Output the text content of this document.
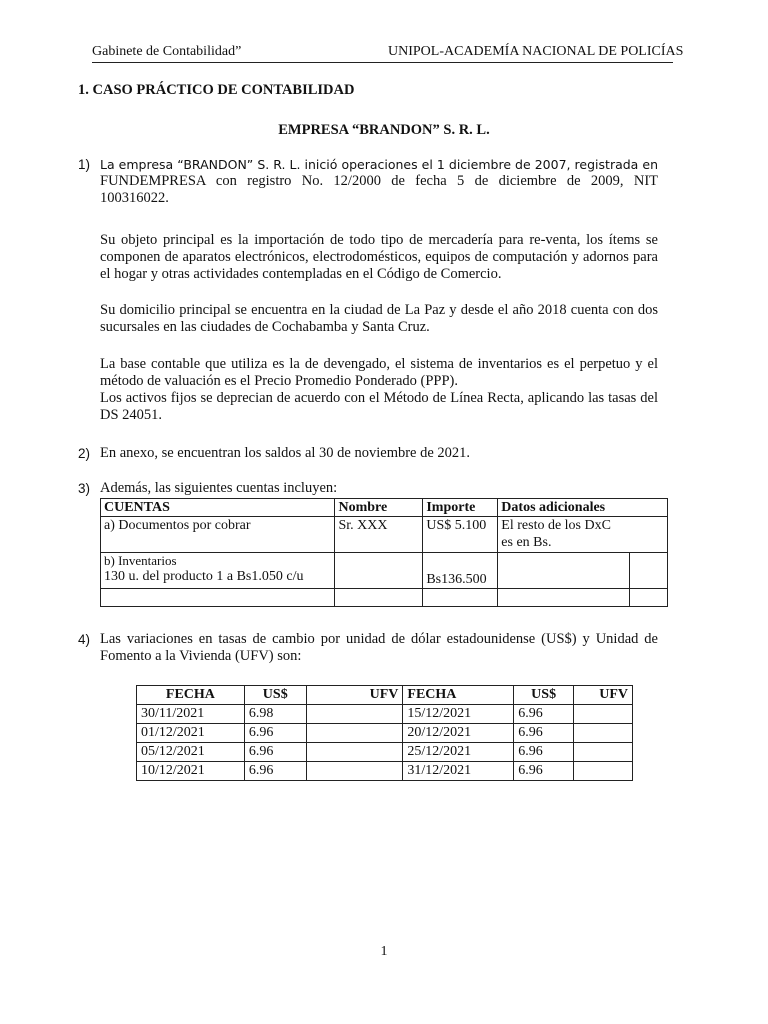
Gabinete de Contabilidad”	UNIPOL-ACADEMÍA NACIONAL DE POLICÍAS
1. CASO PRÁCTICO DE CONTABILIDAD
EMPRESA “BRANDON” S. R. L.
1) La empresa “BRANDON” S. R. L. inició operaciones el 1 diciembre de 2007, registrada en
FUNDEMPRESA con registro No. 12/2000 de fecha 5 de diciembre de 2009, NIT
100316022.
Su objeto principal es la importación de todo tipo de mercadería para re-venta, los ítems se componen de aparatos electrónicos, electrodomésticos, equipos de computación y adornos para el hogar y otras actividades contempladas en el Código de Comercio.
Su domicilio principal se encuentra en la ciudad de La Paz y desde el año 2018 cuenta con dos sucursales en las ciudades de Cochabamba y Santa Cruz.
La base contable que utiliza es la de devengado, el sistema de inventarios es el perpetuo y el método de valuación es el Precio Promedio Ponderado (PPP).
Los activos fijos se deprecian de acuerdo con el Método de Línea Recta, aplicando las tasas del DS 24051.
2) En anexo, se encuentran los saldos al 30 de noviembre de 2021.
3) Además, las siguientes cuentas incluyen:
CUENTAS	Nombre	Importe	Datos adicionales	
a) Documentos por cobrar	Sr. XXX	US$ 5.100	El resto de los DxC
es en Bs.	

b) Inventarios
130 u. del producto 1 a Bs1.050 c/u		Bs136.500		

4) Las variaciones en tasas de cambio por unidad de dólar estadounidense (US$) y Unidad de Fomento a la Vivienda (UFV) son:
FECHA	US$	UFV	FECHA	US$	UFV
30/11/2021	6.98		15/12/2021	6.96	
01/12/2021	6.96		20/12/2021	6.96	
05/12/2021	6.96		25/12/2021	6.96	
10/12/2021	6.96		31/12/2021	6.96	
1
